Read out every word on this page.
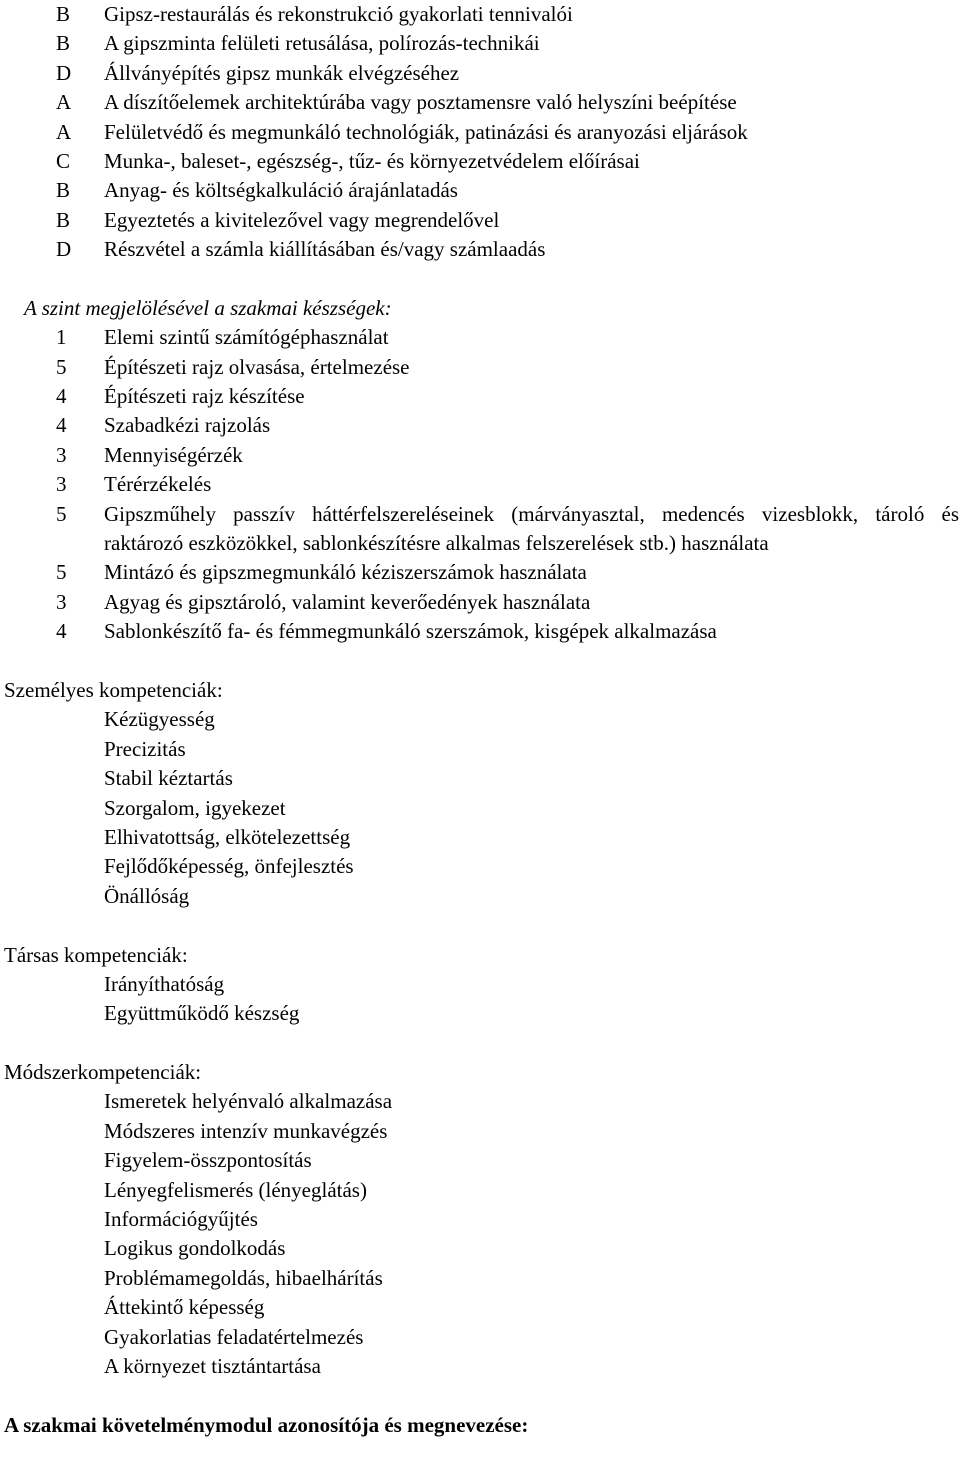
B	Gipsz-restaurálás és rekonstrukció gyakorlati tennivalói
B	A gipszminta felületi retusálása, polírozás-technikái
D	Állványépítés gipsz munkák elvégzéséhez
A	A díszítőelemek architektúrába vagy posztamensre való helyszíni beépítése
A	Felületvédő és megmunkáló technológiák, patinázási és aranyozási eljárások
C	Munka-, baleset-, egészség-, tűz- és környezetvédelem előírásai
B	Anyag- és költségkalkuláció árajánlatadás
B	Egyeztetés a kivitelezővel vagy megrendelővel
D	Részvétel a számla kiállításában és/vagy számlaadás
A szint megjelölésével a szakmai készségek:
1	Elemi szintű számítógéphasználat
5	Építészeti rajz olvasása, értelmezése
4	Építészeti rajz készítése
4	Szabadkézi rajzolás
3	Mennyiségérzék
3	Térérzékelés
5	Gipszműhely passzív háttérfelszereléseinek (márványasztal, medencés vizesblokk, tároló és raktározó eszközökkel, sablonkészítésre alkalmas felszerelések stb.) használata
5	Mintázó és gipszmegmunkáló kéziszerszámok használata
3	Agyag és gipsztároló, valamint keverőedények használata
4	Sablonkészítő fa- és fémmegmunkáló szerszámok, kisgépek alkalmazása
Személyes kompetenciák:
Kézügyesség
Precizitás
Stabil kéztartás
Szorgalom, igyekezet
Elhivatottság, elkötelezettség
Fejlődőképesség, önfejlesztés
Önállóság
Társas kompetenciák:
Irányíthatóság
Együttműködő készség
Módszerkompetenciák:
Ismeretek helyénvaló alkalmazása
Módszeres intenzív munkavégzés
Figyelem-összpontosítás
Lényegfelismerés (lényeglátás)
Információgyűjtés
Logikus gondolkodás
Problémamegoldás, hibaelhárítás
Áttekintő képesség
Gyakorlatias feladatértelmezés
A környezet tisztántartása
A szakmai követelménymodul azonosítója és megnevezése:
